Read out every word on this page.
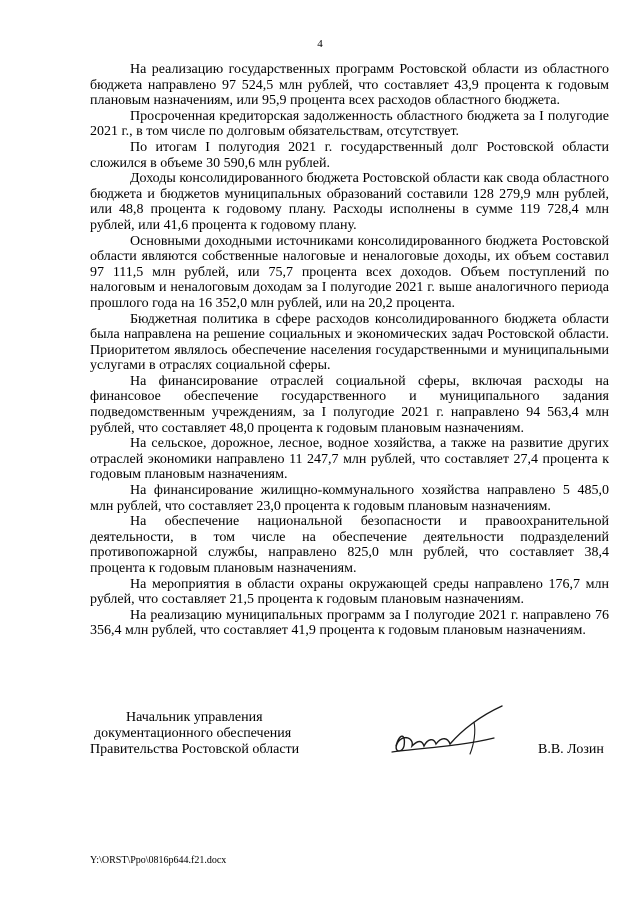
4

На реализацию государственных программ Ростовской области из областного бюджета направлено 97 524,5 млн рублей, что составляет 43,9 процента к годовым плановым назначениям, или 95,9 процента всех расходов областного бюджета.

Просроченная кредиторская задолженность областного бюджета за I полугодие 2021 г., в том числе по долговым обязательствам, отсутствует.

По итогам I полугодия 2021 г. государственный долг Ростовской области сложился в объеме 30 590,6 млн рублей.

Доходы консолидированного бюджета Ростовской области как свода областного бюджета и бюджетов муниципальных образований составили 128 279,9 млн рублей, или 48,8 процента к годовому плану. Расходы исполнены в сумме 119 728,4 млн рублей, или 41,6 процента к годовому плану.

Основными доходными источниками консолидированного бюджета Ростовской области являются собственные налоговые и неналоговые доходы, их объем составил 97 111,5 млн рублей, или 75,7 процента всех доходов. Объем поступлений по налоговым и неналоговым доходам за I полугодие 2021 г. выше аналогичного периода прошлого года на 16 352,0 млн рублей, или на 20,2 процента.

Бюджетная политика в сфере расходов консолидированного бюджета области была направлена на решение социальных и экономических задач Ростовской области. Приоритетом являлось обеспечение населения государственными и муниципальными услугами в отраслях социальной сферы.

На финансирование отраслей социальной сферы, включая расходы на финансовое обеспечение государственного и муниципального задания подведомственным учреждениям, за I полугодие 2021 г. направлено 94 563,4 млн рублей, что составляет 48,0 процента к годовым плановым назначениям.

На сельское, дорожное, лесное, водное хозяйства, а также на развитие других отраслей экономики направлено 11 247,7 млн рублей, что составляет 27,4 процента к годовым плановым назначениям.

На финансирование жилищно-коммунального хозяйства направлено 5 485,0 млн рублей, что составляет 23,0 процента к годовым плановым назначениям.

На обеспечение национальной безопасности и правоохранительной деятельности, в том числе на обеспечение деятельности подразделений противопожарной службы, направлено 825,0 млн рублей, что составляет 38,4 процента к годовым плановым назначениям.

На мероприятия в области охраны окружающей среды направлено 176,7 млн рублей, что составляет 21,5 процента к годовым плановым назначениям.

На реализацию муниципальных программ за I полугодие 2021 г. направлено 76 356,4 млн рублей, что составляет 41,9 процента к годовым плановым назначениям.

Начальник управления
документационного обеспечения
Правительства Ростовской области	В.В. Лозин
Y:\ORST\Ppo\0816p644.f21.docx
